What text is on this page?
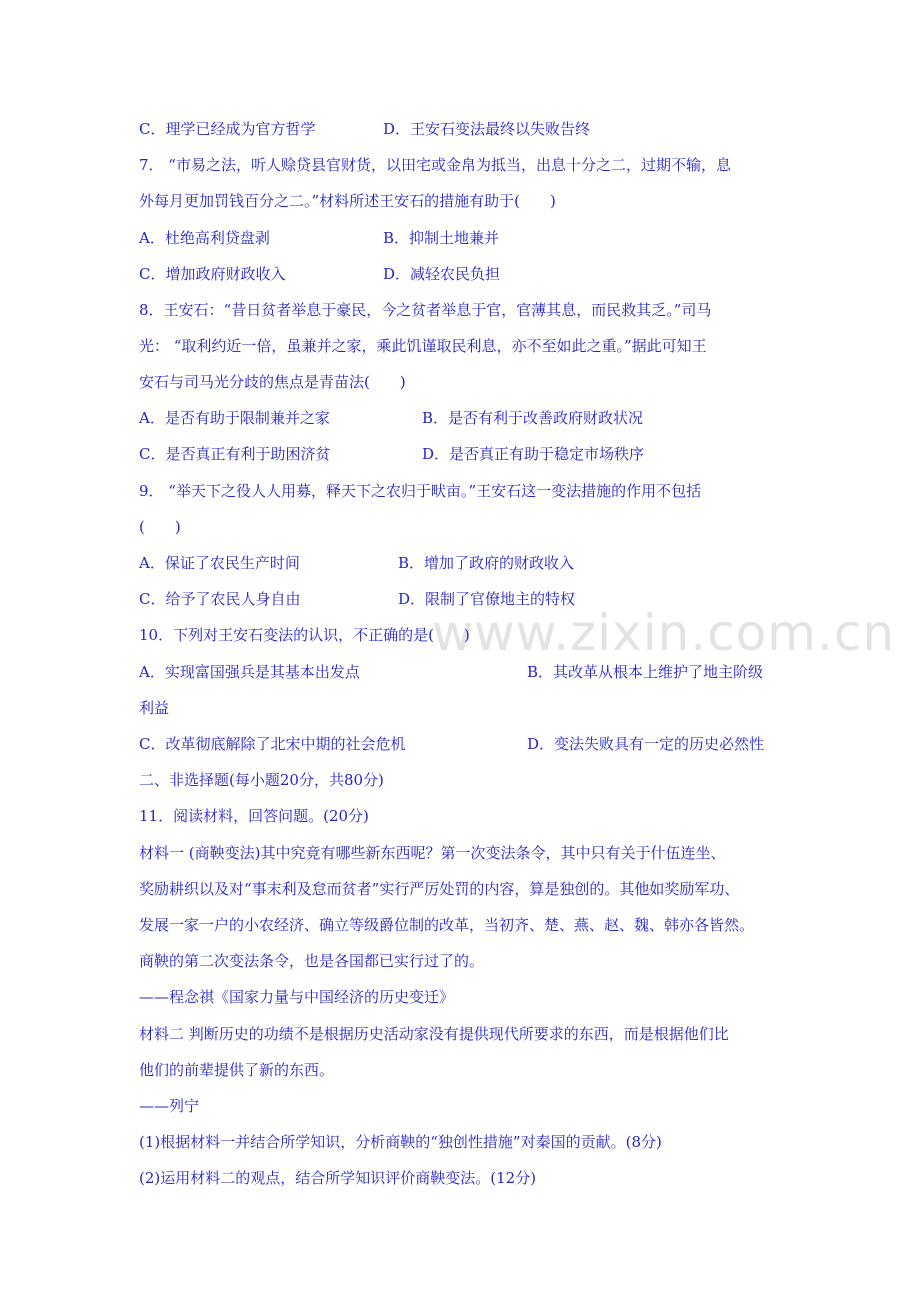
www.zixin.com.cn
C．理学已经成为官方哲学	D．王安石变法最终以失败告终
7． “市易之法，听人赊贷县官财货，以田宅或金帛为抵当，出息十分之二，过期不输，息
外每月更加罚钱百分之二。”材料所述王安石的措施有助于(　　)
A．杜绝高利贷盘剥	B．抑制土地兼并
C．增加政府财政收入	D．减轻农民负担
8．王安石：“昔日贫者举息于豪民，今之贫者举息于官，官薄其息，而民救其乏。”司马
光： “取利约近一倍，虽兼并之家，乘此饥谨取民利息，亦不至如此之重。”据此可知王
安石与司马光分歧的焦点是青苗法(　　)
A．是否有助于限制兼并之家	B．是否有利于改善政府财政状况
C．是否真正有利于助困济贫	D．是否真正有助于稳定市场秩序
9． “举天下之役人人用募，释天下之农归于畎亩。”王安石这一变法措施的作用不包括
(　　)
A．保证了农民生产时间	B．增加了政府的财政收入
C．给予了农民人身自由	D．限制了官僚地主的特权
10．下列对王安石变法的认识，不正确的是(　　)
A．实现富国强兵是其基本出发点	B．其改革从根本上维护了地主阶级
利益
C．改革彻底解除了北宋中期的社会危机	D．变法失败具有一定的历史必然性
二、非选择题(每小题20分，共80分)
11．阅读材料，回答问题。(20分)
材料一 (商鞅变法)其中究竟有哪些新东西呢？第一次变法条令，其中只有关于什伍连坐、
奖励耕织以及对“事末利及怠而贫者”实行严厉处罚的内容，算是独创的。其他如奖励军功、
发展一家一户的小农经济、确立等级爵位制的改革，当初齐、楚、燕、赵、魏、韩亦各皆然。
商鞅的第二次变法条令，也是各国都已实行过了的。
——程念祺《国家力量与中国经济的历史变迁》
材料二 判断历史的功绩不是根据历史活动家没有提供现代所要求的东西，而是根据他们比
他们的前辈提供了新的东西。
——列宁
(1)根据材料一并结合所学知识，分析商鞅的“独创性措施”对秦国的贡献。(8分)
(2)运用材料二的观点，结合所学知识评价商鞅变法。(12分)
